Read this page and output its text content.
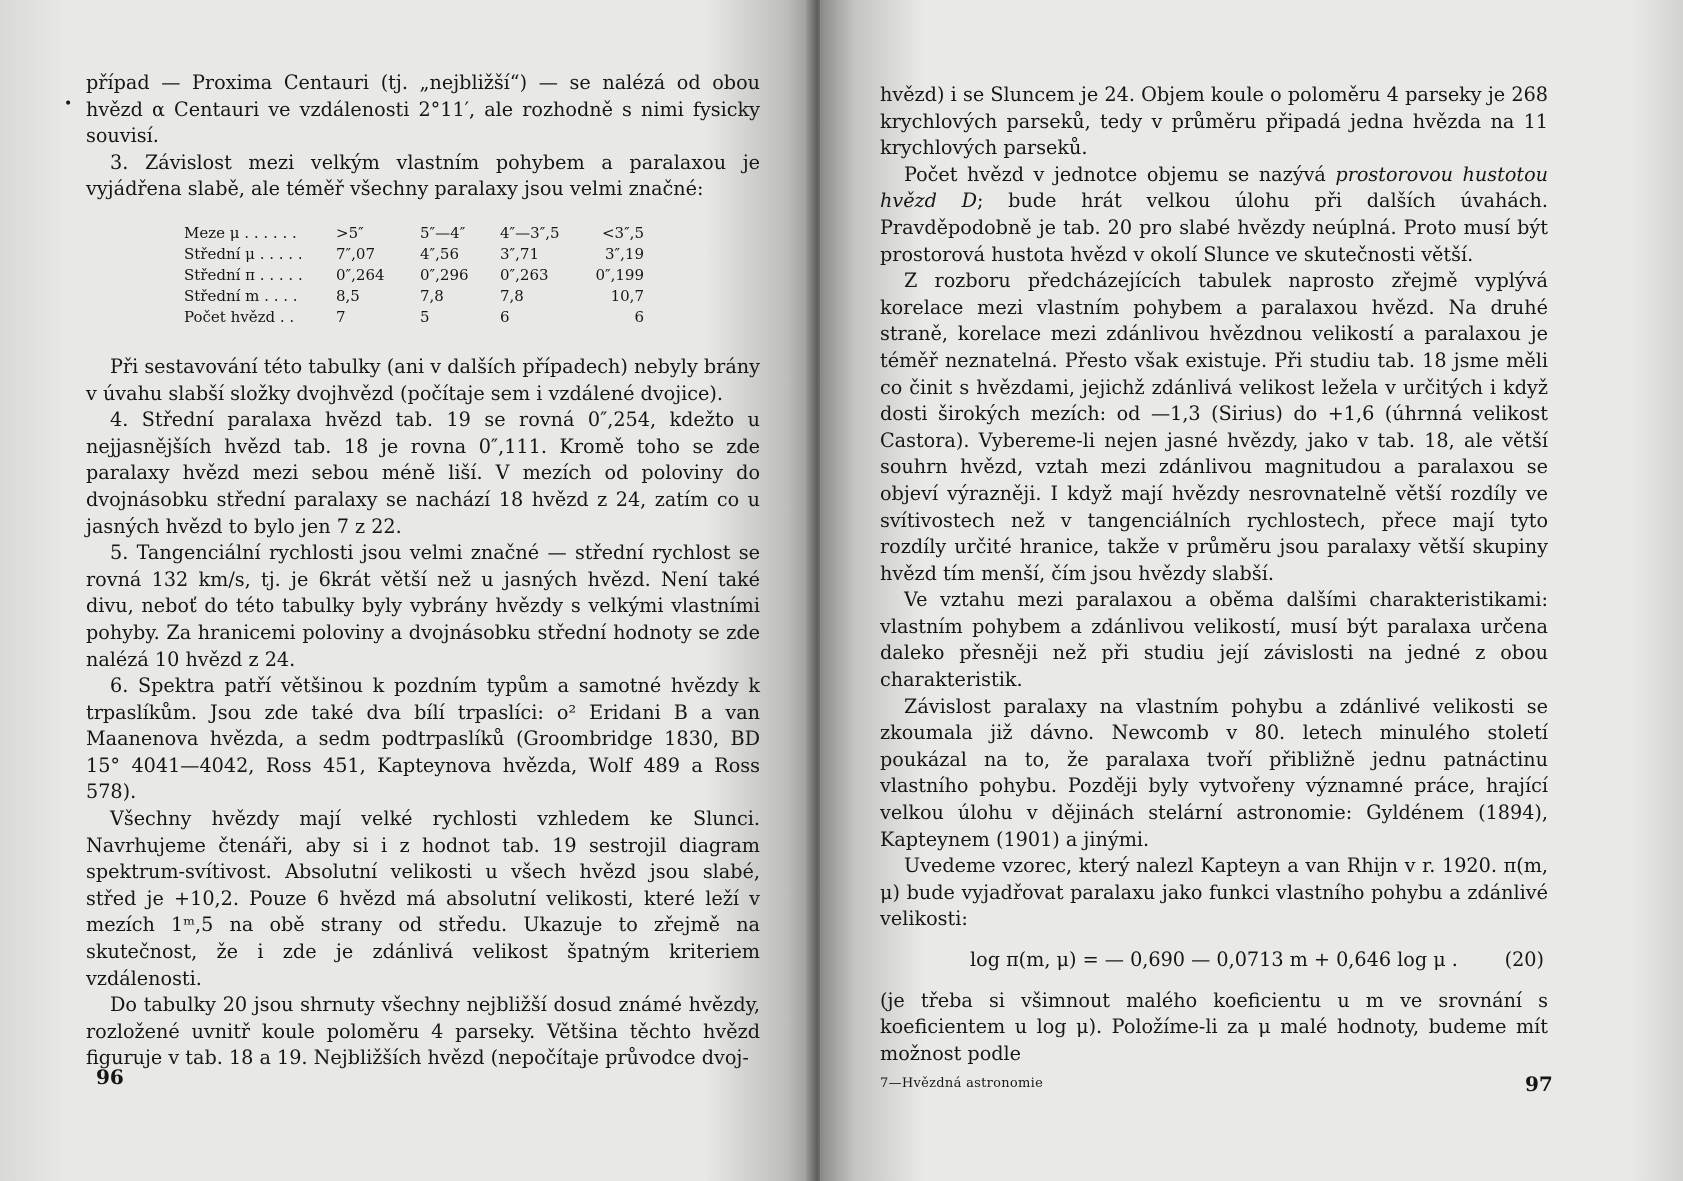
•

případ — Proxima Centauri (tj. „nejbližší“) — se nalézá od obou hvězd α Centauri ve vzdálenosti 2°11′, ale rozhodně s nimi fysicky souvisí.

3. Závislost mezi velkým vlastním pohybem a paralaxou je vyjádřena slabě, ale téměř všechny paralaxy jsou velmi značné:

Meze μ . . . . . .	>5″	5″—4″	4″—3″,5	<3″,5
Střední μ . . . . .	7″,07	4″,56	3″,71	3″,19
Střední π . . . . .	0″,264	0″,296	0″,263	0″,199
Střední m . . . .	8,5	7,8	7,8	10,7
Počet hvězd . .	7	5	6	6

Při sestavování této tabulky (ani v dalších případech) nebyly brány v úvahu slabší složky dvojhvězd (počítaje sem i vzdálené dvojice).

4. Střední paralaxa hvězd tab. 19 se rovná 0″,254, kdežto u nejjasnějších hvězd tab. 18 je rovna 0″,111. Kromě toho se zde paralaxy hvězd mezi sebou méně liší. V mezích od poloviny do dvojnásobku střední paralaxy se nachází 18 hvězd z 24, zatím co u jasných hvězd to bylo jen 7 z 22.

5. Tangenciální rychlosti jsou velmi značné — střední rychlost se rovná 132 km/s, tj. je 6krát větší než u jasných hvězd. Není také divu, neboť do této tabulky byly vybrány hvězdy s velkými vlastními pohyby. Za hranicemi poloviny a dvojnásobku střední hodnoty se zde nalézá 10 hvězd z 24.

6. Spektra patří většinou k pozdním typům a samotné hvězdy k trpaslíkům. Jsou zde také dva bílí trpaslíci: o² Eridani B a van Maanenova hvězda, a sedm podtrpaslíků (Groombridge 1830, BD 15° 4041—4042, Ross 451, Kapteynova hvězda, Wolf 489 a Ross 578).

Všechny hvězdy mají velké rychlosti vzhledem ke Slunci. Navrhujeme čtenáři, aby si i z hodnot tab. 19 sestrojil diagram spektrum-svítivost. Absolutní velikosti u všech hvězd jsou slabé, střed je +10,2. Pouze 6 hvězd má absolutní velikosti, které leží v mezích 1ᵐ,5 na obě strany od středu. Ukazuje to zřejmě na skutečnost, že i zde je zdánlivá velikost špatným kriteriem vzdálenosti.

Do tabulky 20 jsou shrnuty všechny nejbližší dosud známé hvězdy, rozložené uvnitř koule poloměru 4 parseky. Většina těchto hvězd figuruje v tab. 18 a 19. Nejbližších hvězd (nepočítaje průvodce dvoj-

96

hvězd) i se Sluncem je 24. Objem koule o poloměru 4 parseky je 268 krychlových parseků, tedy v průměru připadá jedna hvězda na 11 krychlových parseků.

Počet hvězd v jednotce objemu se nazývá prostorovou hustotou hvězd D; bude hrát velkou úlohu při dalších úvahách. Pravděpodobně je tab. 20 pro slabé hvězdy neúplná. Proto musí být prostorová hustota hvězd v okolí Slunce ve skutečnosti větší.

Z rozboru předcházejících tabulek naprosto zřejmě vyplývá korelace mezi vlastním pohybem a paralaxou hvězd. Na druhé straně, korelace mezi zdánlivou hvězdnou velikostí a paralaxou je téměř neznatelná. Přesto však existuje. Při studiu tab. 18 jsme měli co činit s hvězdami, jejichž zdánlivá velikost ležela v určitých i když dosti širokých mezích: od —1,3 (Sirius) do +1,6 (úhrnná velikost Castora). Vybereme-li nejen jasné hvězdy, jako v tab. 18, ale větší souhrn hvězd, vztah mezi zdánlivou magnitudou a paralaxou se objeví výrazněji. I když mají hvězdy nesrovnatelně větší rozdíly ve svítivostech než v tangenciálních rychlostech, přece mají tyto rozdíly určité hranice, takže v průměru jsou paralaxy větší skupiny hvězd tím menší, čím jsou hvězdy slabší.

Ve vztahu mezi paralaxou a oběma dalšími charakteristikami: vlastním pohybem a zdánlivou velikostí, musí být paralaxa určena daleko přesněji než při studiu její závislosti na jedné z obou charakteristik.

Závislost paralaxy na vlastním pohybu a zdánlivé velikosti se zkoumala již dávno. Newcomb v 80. letech minulého století poukázal na to, že paralaxa tvoří přibližně jednu patnáctinu vlastního pohybu. Později byly vytvořeny významné práce, hrající velkou úlohu v dějinách stelární astronomie: Gyldénem (1894), Kapteynem (1901) a jinými.

Uvedeme vzorec, který nalezl Kapteyn a van Rhijn v r. 1920. π(m, μ) bude vyjadřovat paralaxu jako funkci vlastního pohybu a zdánlivé velikosti:

log π(m, μ) = — 0,690 — 0,0713 m + 0,646 log μ . (20)

(je třeba si všimnout malého koeficientu u m ve srovnání s koeficientem u log μ). Položíme-li za μ malé hodnoty, budeme mít možnost podle

7—Hvězdná astronomie	97
